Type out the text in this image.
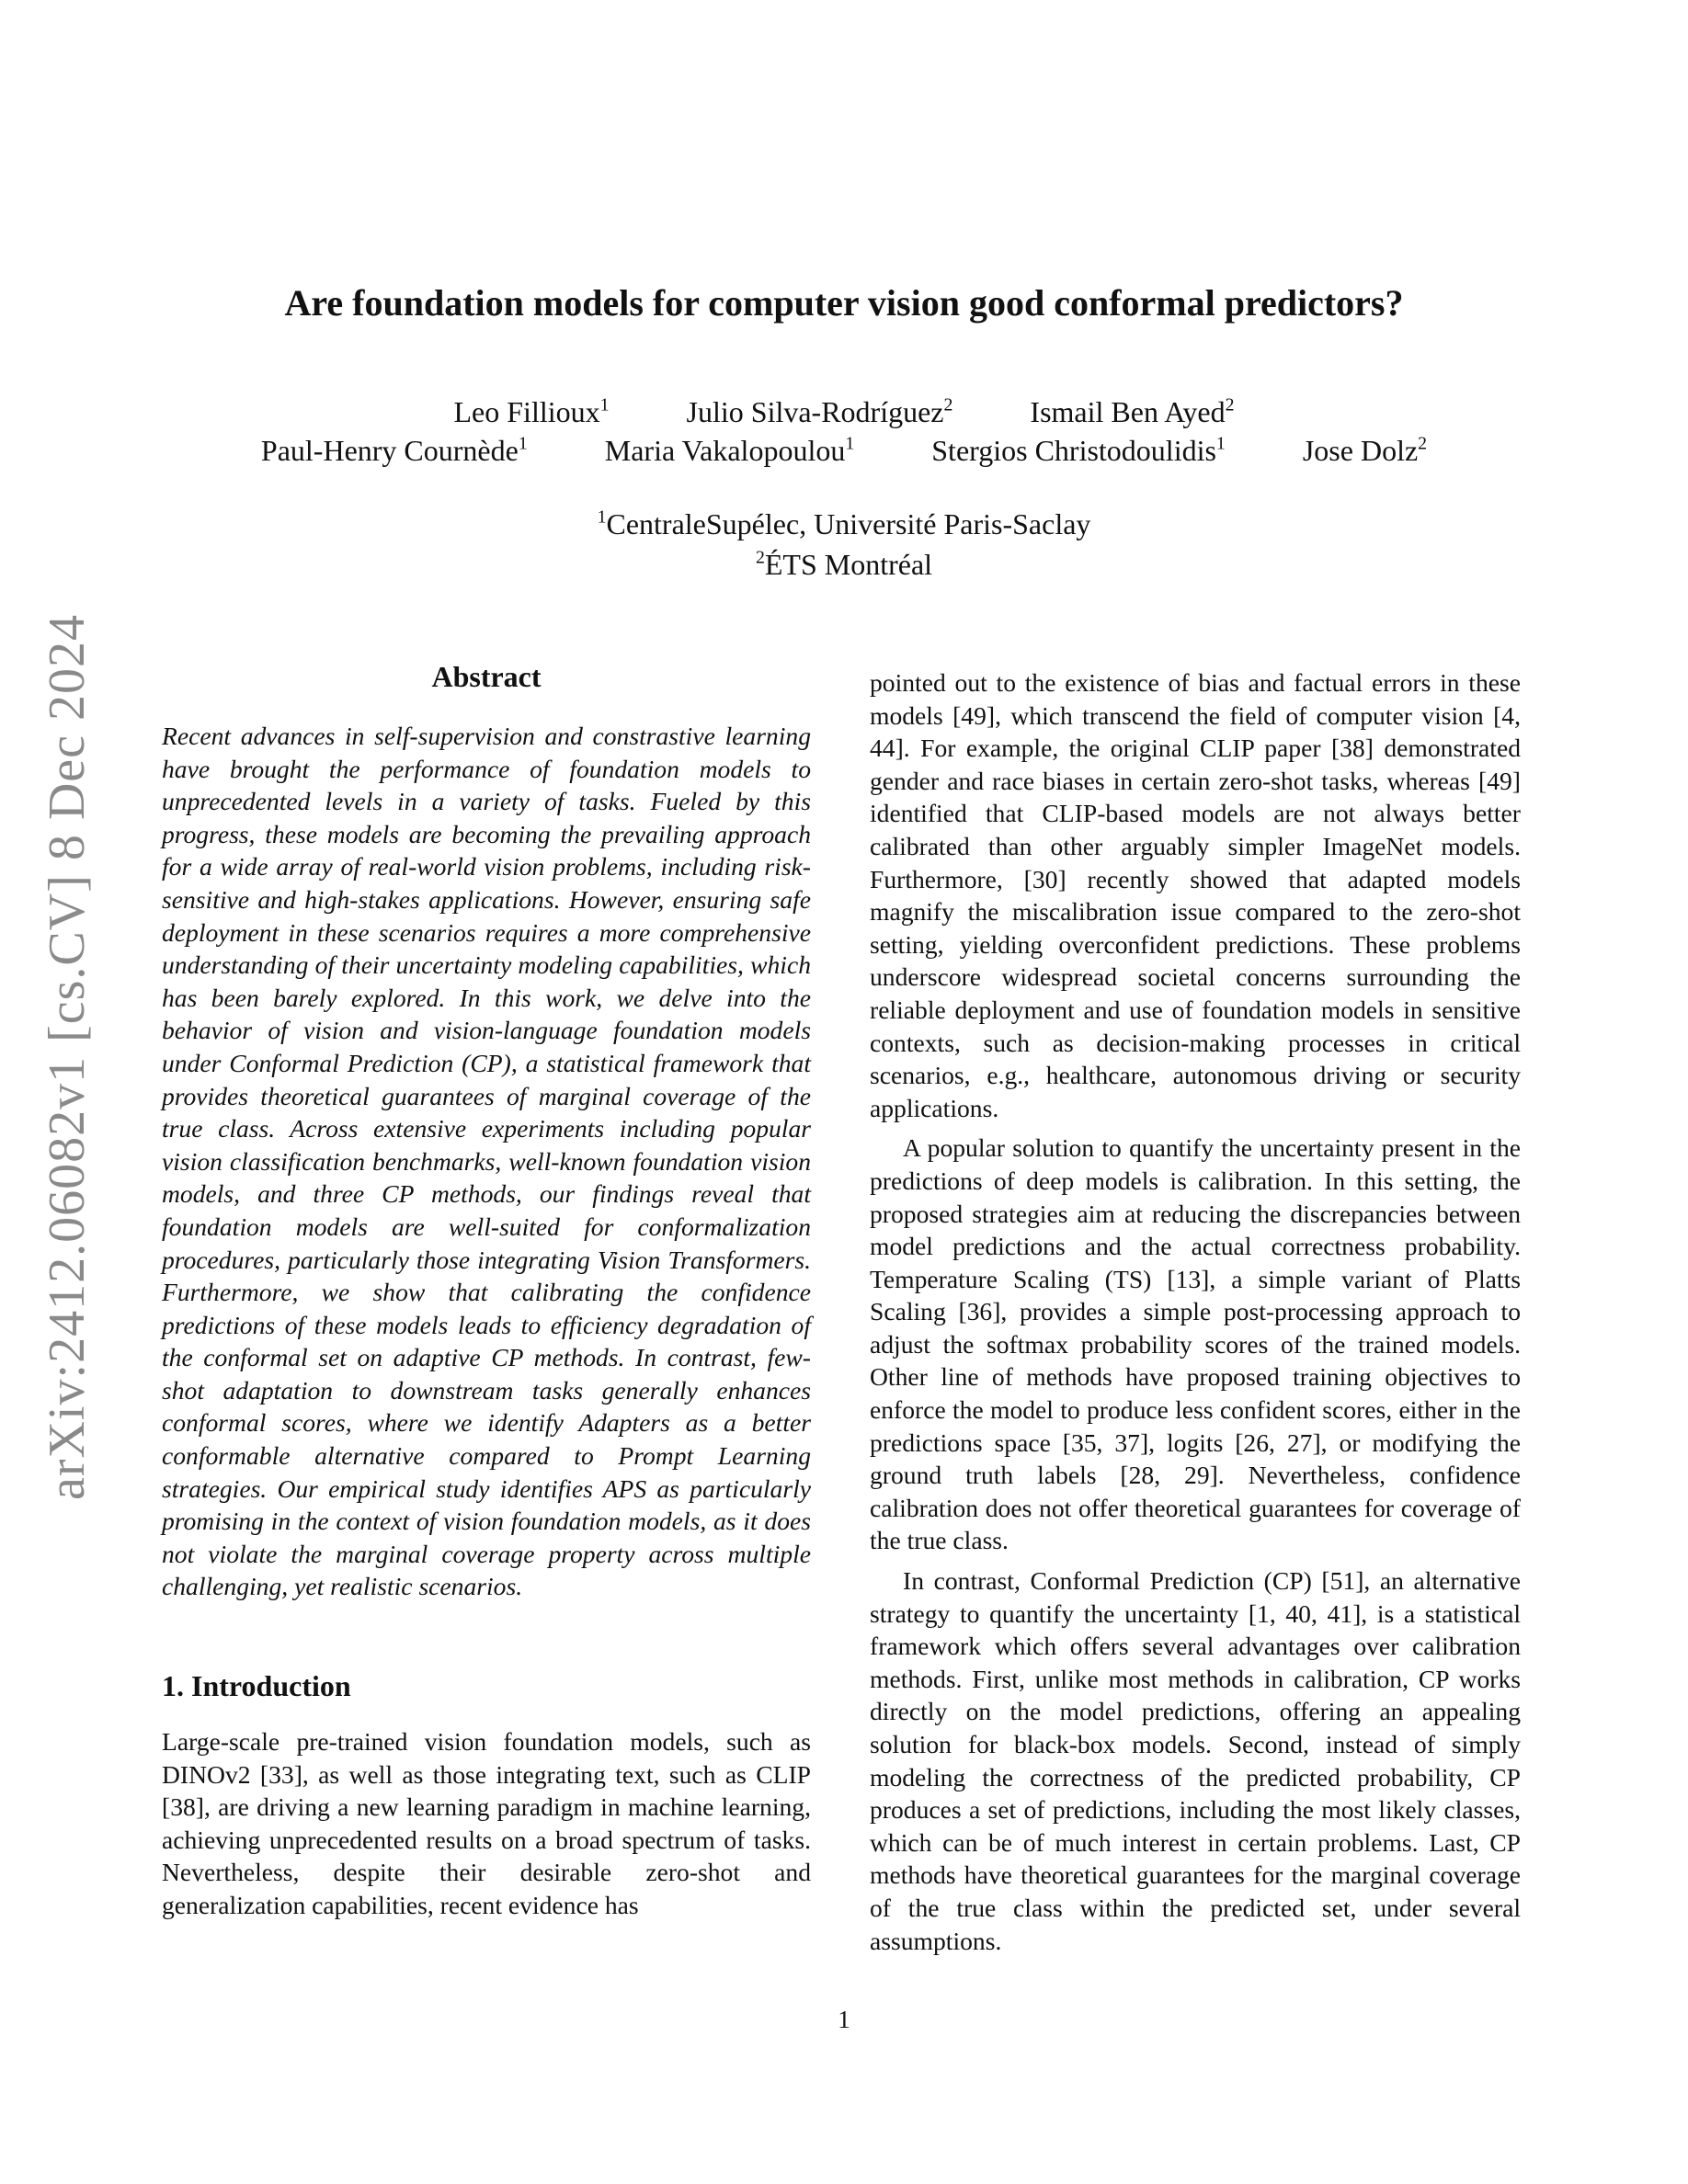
arXiv:2412.06082v1 [cs.CV] 8 Dec 2024
Are foundation models for computer vision good conformal predictors?
Leo Fillioux$^1$	Julio Silva-Rodríguez$^2$	Ismail Ben Ayed$^2$
Paul-Henry Cournède$^1$	Maria Vakalopoulou$^1$	Stergios Christodoulidis$^1$	Jose Dolz$^2$
$^1$CentraleSupélec, Université Paris-Saclay
$^2$ÉTS Montréal
Abstract

Recent advances in self-supervision and constrastive learning have brought the performance of foundation models to unprecedented levels in a variety of tasks. Fueled by this progress, these models are becoming the prevailing approach for a wide array of real-world vision problems, including risk-sensitive and high-stakes applications. However, ensuring safe deployment in these scenarios requires a more comprehensive understanding of their uncertainty modeling capabilities, which has been barely explored. In this work, we delve into the behavior of vision and vision-language foundation models under Conformal Prediction (CP), a statistical framework that provides theoretical guarantees of marginal coverage of the true class. Across extensive experiments including popular vision classification benchmarks, well-known foundation vision models, and three CP methods, our findings reveal that foundation models are well-suited for conformalization procedures, particularly those integrating Vision Transformers. Furthermore, we show that calibrating the confidence predictions of these models leads to efficiency degradation of the conformal set on adaptive CP methods. In contrast, few-shot adaptation to downstream tasks generally enhances conformal scores, where we identify Adapters as a better conformable alternative compared to Prompt Learning strategies. Our empirical study identifies APS as particularly promising in the context of vision foundation models, as it does not violate the marginal coverage property across multiple challenging, yet realistic scenarios.

1. Introduction

Large-scale pre-trained vision foundation models, such as DINOv2 [33], as well as those integrating text, such as CLIP [38], are driving a new learning paradigm in machine learning, achieving unprecedented results on a broad spectrum of tasks. Nevertheless, despite their desirable zero-shot and generalization capabilities, recent evidence has

pointed out to the existence of bias and factual errors in these models [49], which transcend the field of computer vision [4, 44]. For example, the original CLIP paper [38] demonstrated gender and race biases in certain zero-shot tasks, whereas [49] identified that CLIP-based models are not always better calibrated than other arguably simpler ImageNet models. Furthermore, [30] recently showed that adapted models magnify the miscalibration issue compared to the zero-shot setting, yielding overconfident predictions. These problems underscore widespread societal concerns surrounding the reliable deployment and use of foundation models in sensitive contexts, such as decision-making processes in critical scenarios, e.g., healthcare, autonomous driving or security applications.

A popular solution to quantify the uncertainty present in the predictions of deep models is calibration. In this setting, the proposed strategies aim at reducing the discrepancies between model predictions and the actual correctness probability. Temperature Scaling (TS) [13], a simple variant of Platts Scaling [36], provides a simple post-processing approach to adjust the softmax probability scores of the trained models. Other line of methods have proposed training objectives to enforce the model to produce less confident scores, either in the predictions space [35, 37], logits [26, 27], or modifying the ground truth labels [28, 29]. Nevertheless, confidence calibration does not offer theoretical guarantees for coverage of the true class.

In contrast, Conformal Prediction (CP) [51], an alternative strategy to quantify the uncertainty [1, 40, 41], is a statistical framework which offers several advantages over calibration methods. First, unlike most methods in calibration, CP works directly on the model predictions, offering an appealing solution for black-box models. Second, instead of simply modeling the correctness of the predicted probability, CP produces a set of predictions, including the most likely classes, which can be of much interest in certain problems. Last, CP methods have theoretical guarantees for the marginal coverage of the true class within the predicted set, under several assumptions.

1
